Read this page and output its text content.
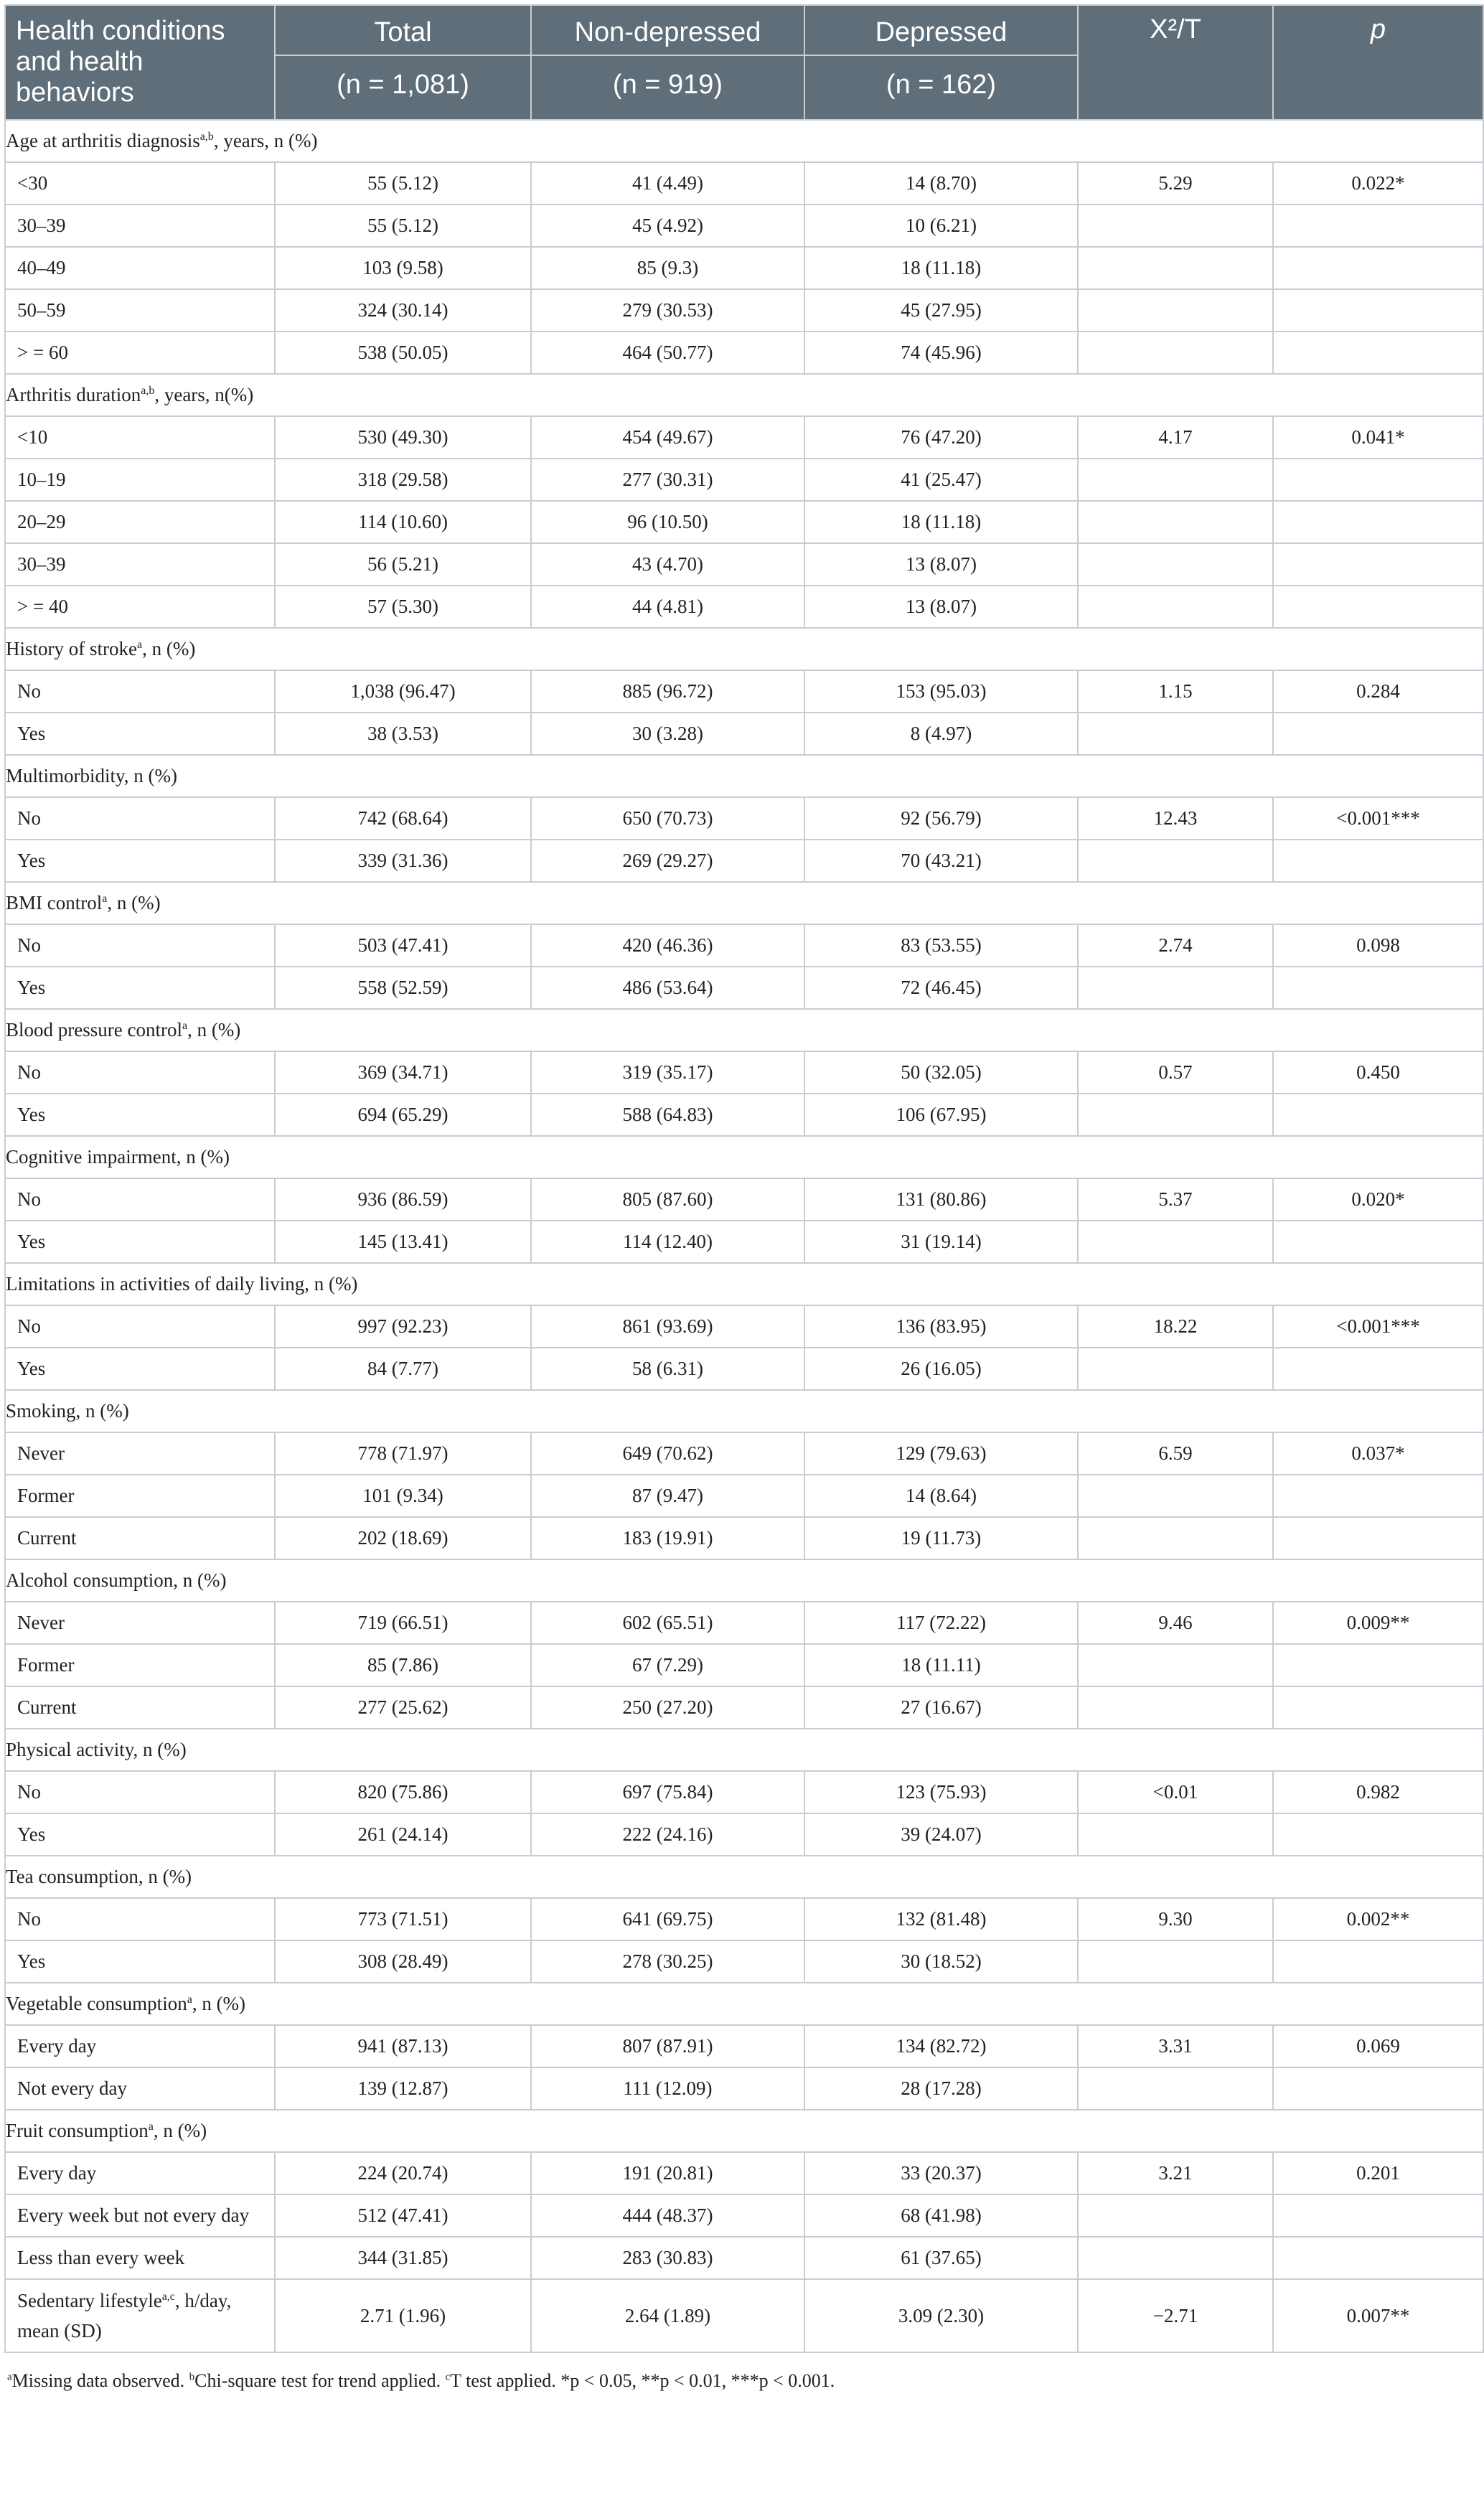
Health conditions and health behaviors	Total	Non-depressed	Depressed	X²/T	p
	(n = 1,081)	(n = 919)	(n = 162)		
Age at arthritis diagnosis$^{a,b}$, years, n (%)					
<30	55 (5.12)	41 (4.49)	14 (8.70)	5.29	0.022*
30–39	55 (5.12)	45 (4.92)	10 (6.21)		
40–49	103 (9.58)	85 (9.3)	18 (11.18)		
50–59	324 (30.14)	279 (30.53)	45 (27.95)		
> = 60	538 (50.05)	464 (50.77)	74 (45.96)		
Arthritis duration$^{a,b}$, years, n(%)					
<10	530 (49.30)	454 (49.67)	76 (47.20)	4.17	0.041*
10–19	318 (29.58)	277 (30.31)	41 (25.47)		
20–29	114 (10.60)	96 (10.50)	18 (11.18)		
30–39	56 (5.21)	43 (4.70)	13 (8.07)		
> = 40	57 (5.30)	44 (4.81)	13 (8.07)		
History of stroke$^a$, n (%)					
No	1,038 (96.47)	885 (96.72)	153 (95.03)	1.15	0.284
Yes	38 (3.53)	30 (3.28)	8 (4.97)		
Multimorbidity, n (%)					
No	742 (68.64)	650 (70.73)	92 (56.79)	12.43	<0.001***
Yes	339 (31.36)	269 (29.27)	70 (43.21)		
BMI control$^a$, n (%)					
No	503 (47.41)	420 (46.36)	83 (53.55)	2.74	0.098
Yes	558 (52.59)	486 (53.64)	72 (46.45)		
Blood pressure control$^a$, n (%)					
No	369 (34.71)	319 (35.17)	50 (32.05)	0.57	0.450
Yes	694 (65.29)	588 (64.83)	106 (67.95)		
Cognitive impairment, n (%)					
No	936 (86.59)	805 (87.60)	131 (80.86)	5.37	0.020*
Yes	145 (13.41)	114 (12.40)	31 (19.14)		
Limitations in activities of daily living, n (%)					
No	997 (92.23)	861 (93.69)	136 (83.95)	18.22	<0.001***
Yes	84 (7.77)	58 (6.31)	26 (16.05)		
Smoking, n (%)					
Never	778 (71.97)	649 (70.62)	129 (79.63)	6.59	0.037*
Former	101 (9.34)	87 (9.47)	14 (8.64)		
Current	202 (18.69)	183 (19.91)	19 (11.73)		
Alcohol consumption, n (%)					
Never	719 (66.51)	602 (65.51)	117 (72.22)	9.46	0.009**
Former	85 (7.86)	67 (7.29)	18 (11.11)		
Current	277 (25.62)	250 (27.20)	27 (16.67)		
Physical activity, n (%)					
No	820 (75.86)	697 (75.84)	123 (75.93)	<0.01	0.982
Yes	261 (24.14)	222 (24.16)	39 (24.07)		
Tea consumption, n (%)					
No	773 (71.51)	641 (69.75)	132 (81.48)	9.30	0.002**
Yes	308 (28.49)	278 (30.25)	30 (18.52)		
Vegetable consumption$^a$, n (%)					
Every day	941 (87.13)	807 (87.91)	134 (82.72)	3.31	0.069
Not every day	139 (12.87)	111 (12.09)	28 (17.28)		
Fruit consumption$^a$, n (%)					
Every day	224 (20.74)	191 (20.81)	33 (20.37)	3.21	0.201
Every week but not every day	512 (47.41)	444 (48.37)	68 (41.98)		
Less than every week	344 (31.85)	283 (30.83)	61 (37.65)		
Sedentary lifestyle$^{a,c}$, h/day, mean (SD)	2.71 (1.96)	2.64 (1.89)	3.09 (2.30)	−2.71	0.007**
$^a$Missing data observed. $^b$Chi-square test for trend applied. $^c$T test applied. *p < 0.05, **p < 0.01, ***p < 0.001.
